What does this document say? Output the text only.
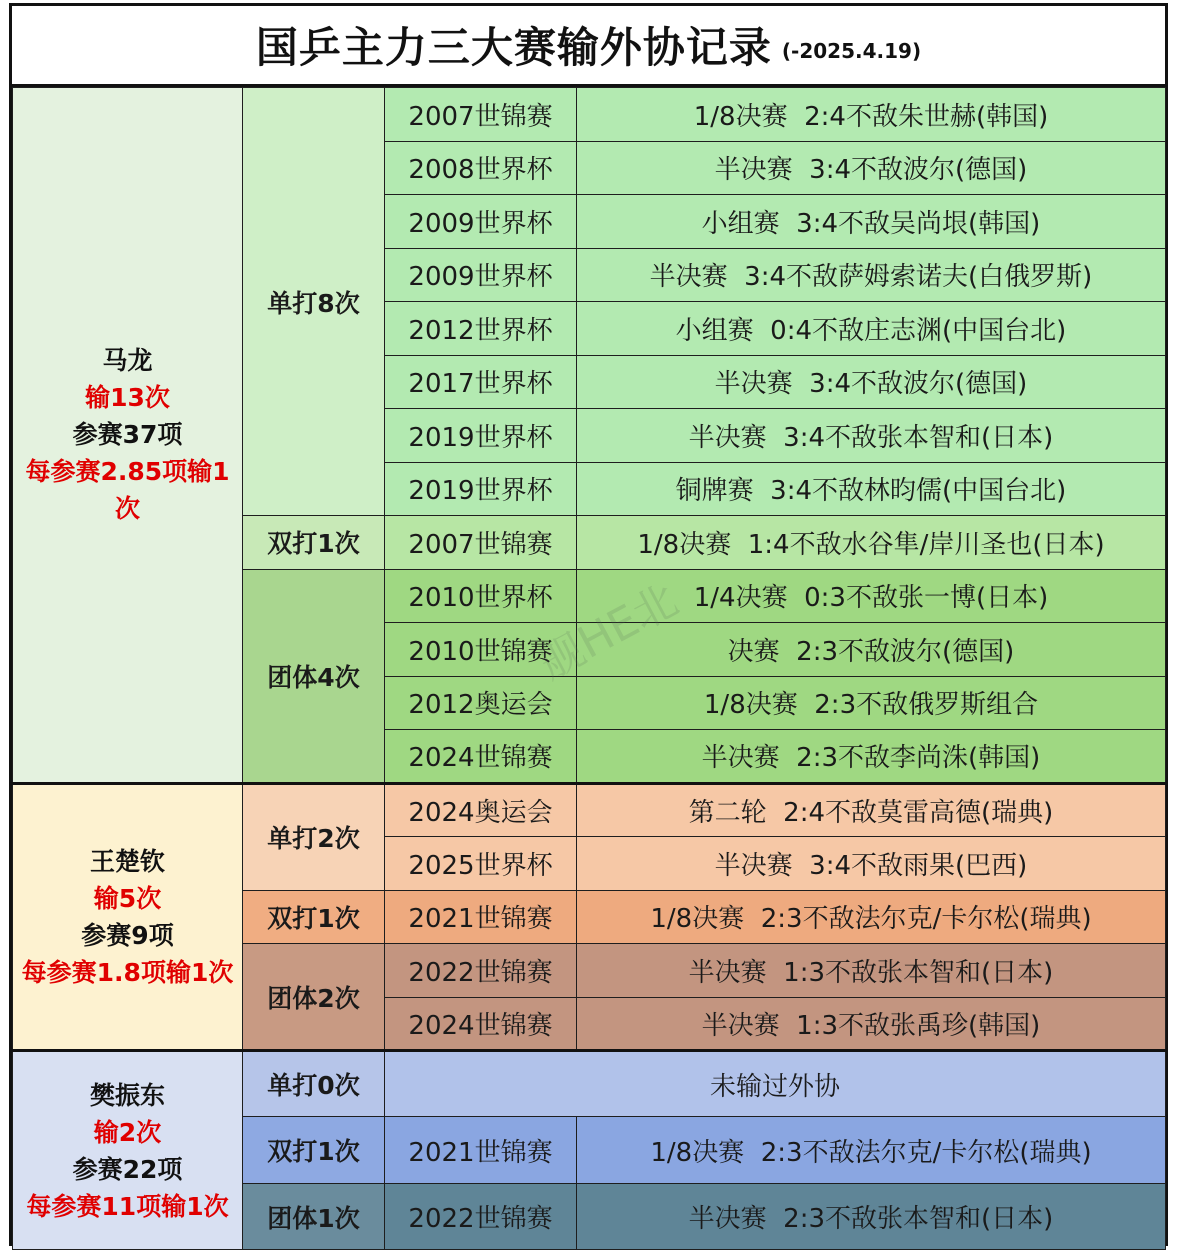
国乒主力三大赛输外协记录 (-2025.4.19)
马龙
输13次
参赛37项
每参赛2.85项输1次	单打8次	2007世锦赛	1/8决赛  2:4不敌朱世赫(韩国)
		2008世界杯	半决赛  3:4不敌波尔(德国)
		2009世界杯	小组赛  3:4不敌吴尚垠(韩国)
		2009世界杯	半决赛  3:4不敌萨姆索诺夫(白俄罗斯)
		2012世界杯	小组赛  0:4不敌庄志渊(中国台北)
		2017世界杯	半决赛  3:4不敌波尔(德国)
		2019世界杯	半决赛  3:4不敌张本智和(日本)
		2019世界杯	铜牌赛  3:4不敌林昀儒(中国台北)
	双打1次	2007世锦赛	1/8决赛  1:4不敌水谷隼/岸川圣也(日本)
	团体4次	2010世界杯	1/4决赛  0:3不敌张一博(日本)
		2010世锦赛	决赛  2:3不敌波尔(德国)
		2012奥运会	1/8决赛  2:3不敌俄罗斯组合
		2024世锦赛	半决赛  2:3不敌李尚洙(韩国)

王楚钦
输5次
参赛9项
每参赛1.8项输1次	单打2次	2024奥运会	第二轮  2:4不敌莫雷高德(瑞典)
		2025世界杯	半决赛  3:4不敌雨果(巴西)
	双打1次	2021世锦赛	1/8决赛  2:3不敌法尔克/卡尔松(瑞典)
	团体2次	2022世锦赛	半决赛  1:3不敌张本智和(日本)
		2024世锦赛	半决赛  1:3不敌张禹珍(韩国)

樊振东
输2次
参赛22项
每参赛11项输1次	单打0次	未输过外协	
	双打1次	2021世锦赛	1/8决赛  2:3不敌法尔克/卡尔松(瑞典)
	团体1次	2022世锦赛	半决赛  2:3不敌张本智和(日本)
